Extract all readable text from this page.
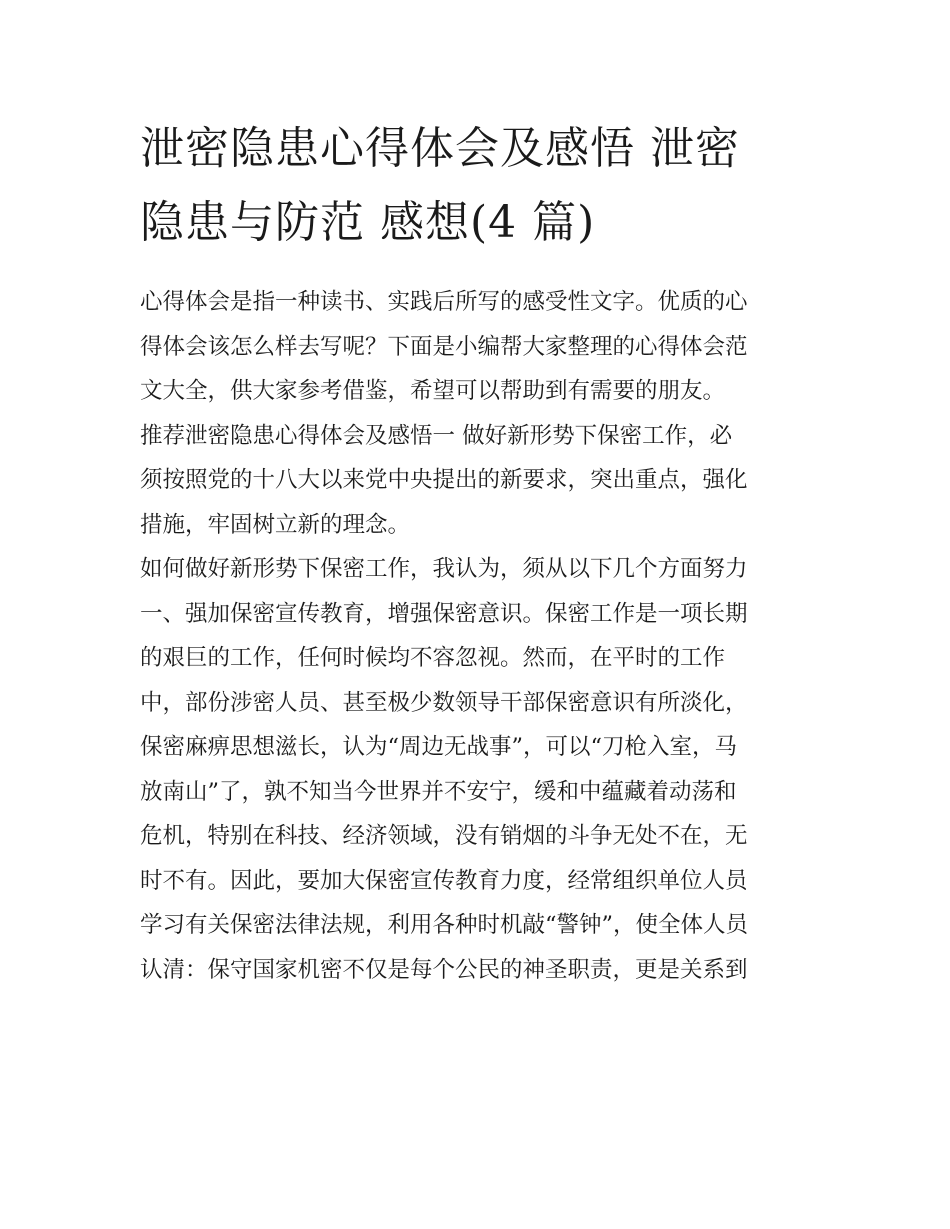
泄密隐患心得体会及感悟 泄密
隐患与防范 感想(4 篇)
心得体会是指一种读书、实践后所写的感受性文字。优质的心
得体会该怎么样去写呢？下面是小编帮大家整理的心得体会范
文大全，供大家参考借鉴，希望可以帮助到有需要的朋友。
推荐泄密隐患心得体会及感悟一 做好新形势下保密工作，必
须按照党的十八大以来党中央提出的新要求，突出重点，强化
措施，牢固树立新的理念。
如何做好新形势下保密工作，我认为，须从以下几个方面努力
一、强加保密宣传教育，增强保密意识。保密工作是一项长期
的艰巨的工作，任何时候均不容忽视。然而，在平时的工作
中，部份涉密人员、甚至极少数领导干部保密意识有所淡化，
保密麻痹思想滋长，认为“周边无战事”，可以“刀枪入室，马
放南山”了，孰不知当今世界并不安宁，缓和中蕴藏着动荡和
危机，特别在科技、经济领域，没有销烟的斗争无处不在，无
时不有。因此，要加大保密宣传教育力度，经常组织单位人员
学习有关保密法律法规，利用各种时机敲“警钟”，使全体人员
认清：保守国家机密不仅是每个公民的神圣职责，更是关系到
